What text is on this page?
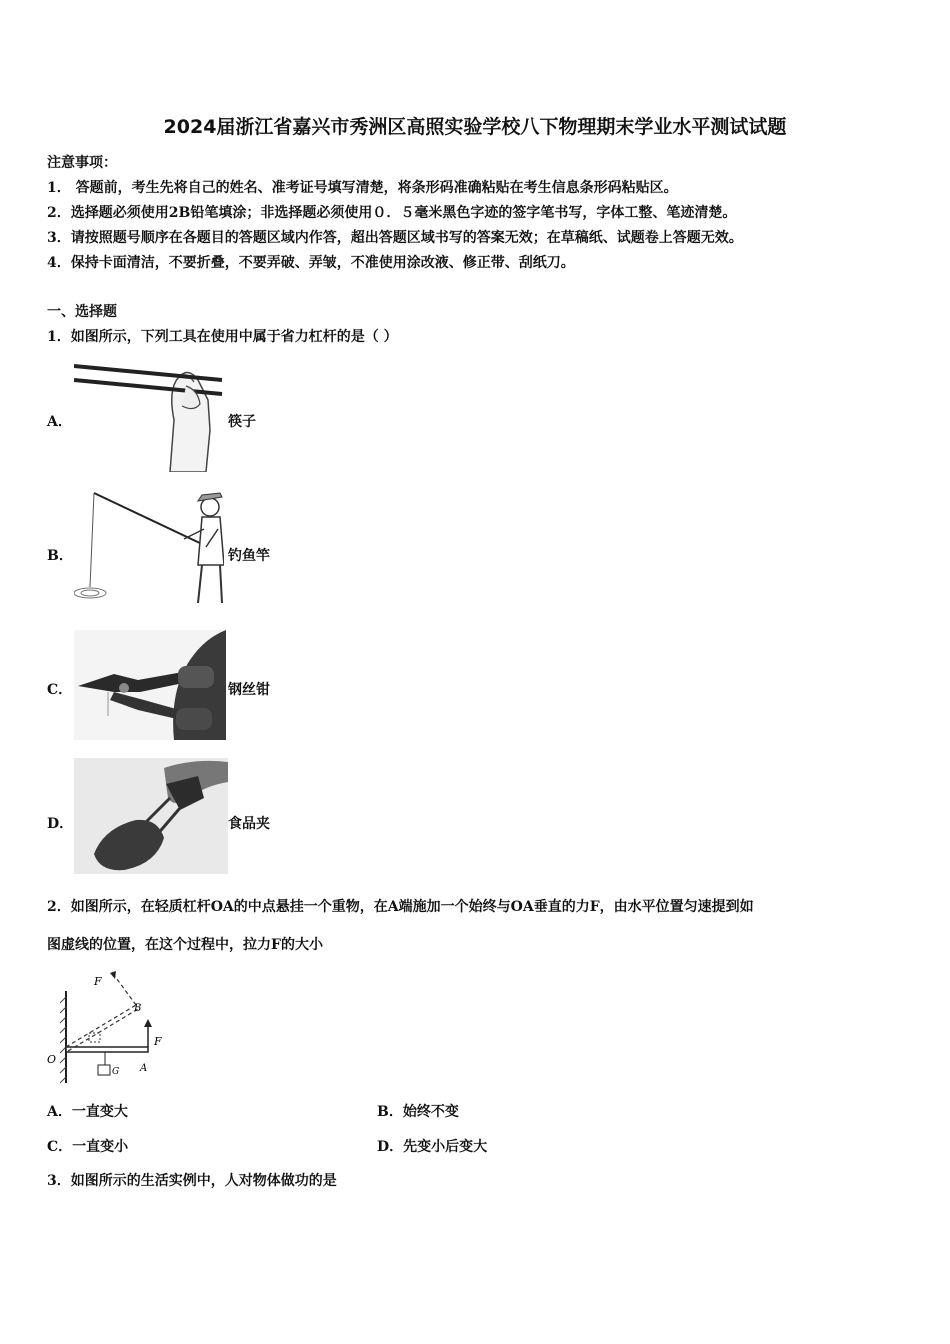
2024届浙江省嘉兴市秀洲区高照实验学校八下物理期末学业水平测试试题
注意事项：
1． 答题前，考生先将自己的姓名、准考证号填写清楚，将条形码准确粘贴在考生信息条形码粘贴区。
2．选择题必须使用2B铅笔填涂；非选择题必须使用０．５毫米黑色字迹的签字笔书写，字体工整、笔迹清楚。
3．请按照题号顺序在各题目的答题区域内作答，超出答题区域书写的答案无效；在草稿纸、试题卷上答题无效。
4．保持卡面清洁，不要折叠，不要弄破、弄皱，不准使用涂改液、修正带、刮纸刀。
一、选择题
1．如图所示，下列工具在使用中属于省力杠杆的是（ ）
A．	筷子
B．	钓鱼竿
C．	钢丝钳
D．	食品夹
2．如图所示，在轻质杠杆OA的中点悬挂一个重物，在A端施加一个始终与OA垂直的力F，由水平位置匀速提到如
图虚线的位置，在这个过程中，拉力F的大小
F
B
F
O
G A
A．一直变大	B．始终不变
C．一直变小	D．先变小后变大
3．如图所示的生活实例中，人对物体做功的是
